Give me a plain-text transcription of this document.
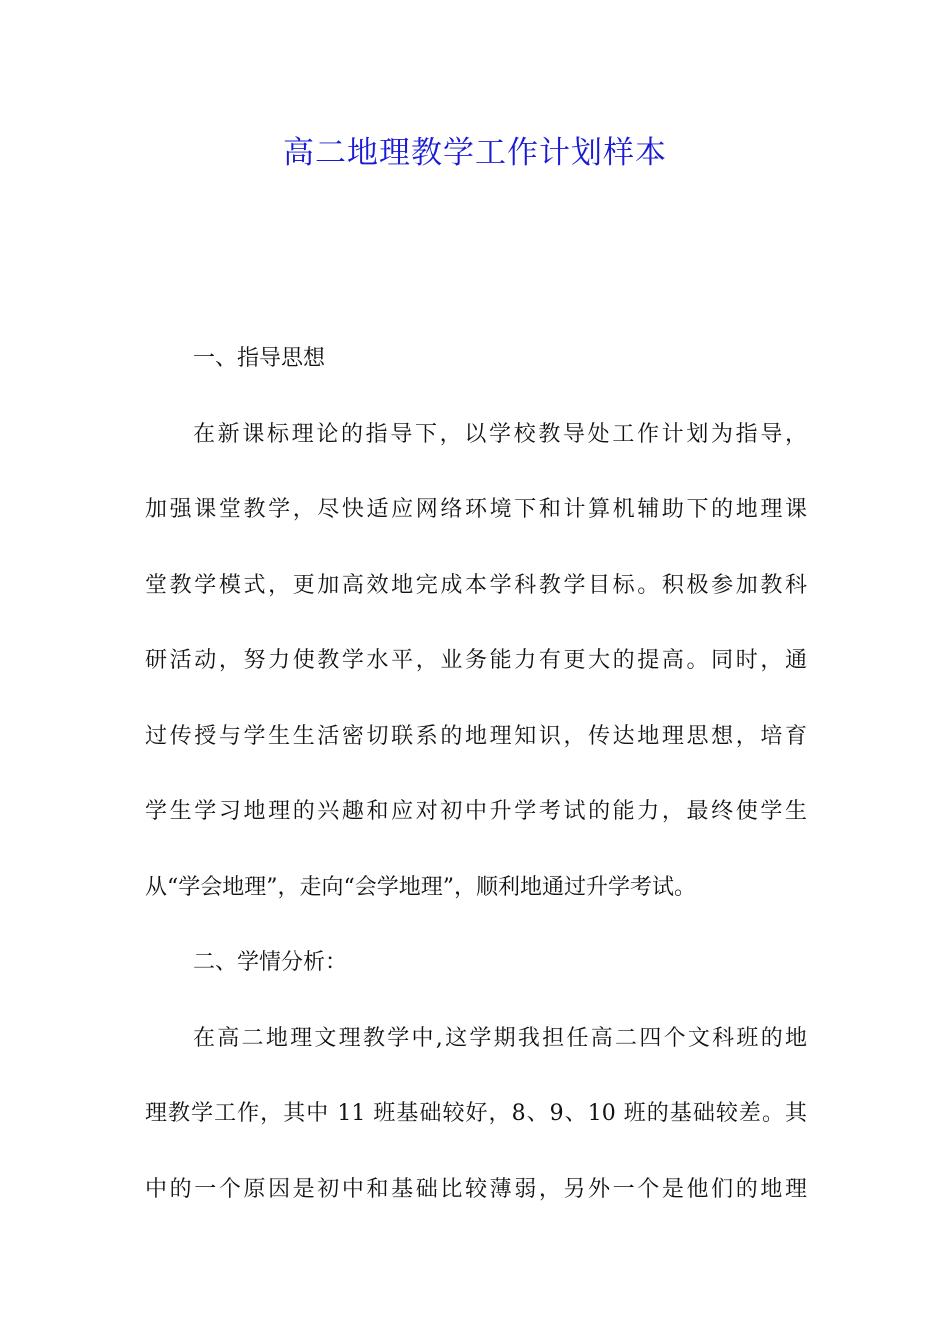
高二地理教学工作计划样本
一、指导思想
在新课标理论的指导下，以学校教导处工作计划为指导，
加强课堂教学，尽快适应网络环境下和计算机辅助下的地理课
堂教学模式，更加高效地完成本学科教学目标。积极参加教科
研活动，努力使教学水平，业务能力有更大的提高。同时，通
过传授与学生生活密切联系的地理知识，传达地理思想，培育
学生学习地理的兴趣和应对初中升学考试的能力，最终使学生
从“学会地理”，走向“会学地理”，顺利地通过升学考试。
二、学情分析：
在高二地理文理教学中,这学期我担任高二四个文科班的地
理教学工作，其中 11 班基础较好，8、9、10 班的基础较差。其
中的一个原因是初中和基础比较薄弱，另外一个是他们的地理
